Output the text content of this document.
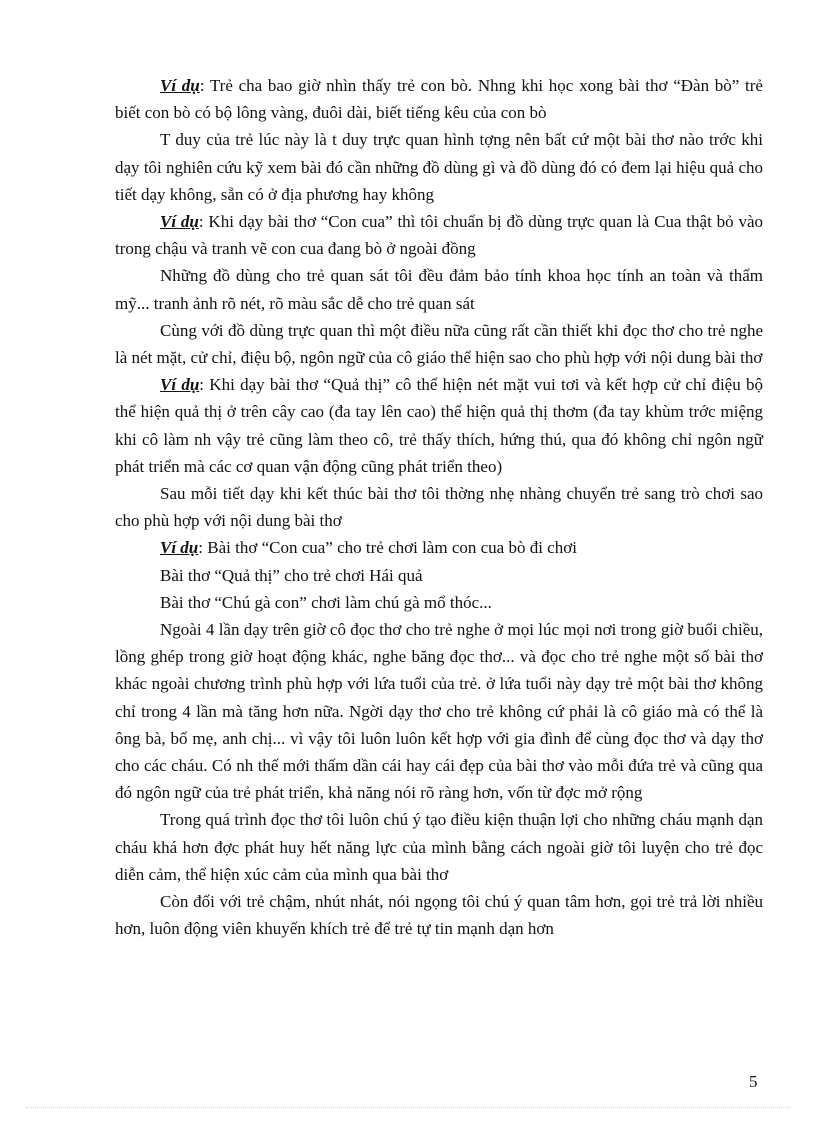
Ví dụ: Trẻ cha bao giờ nhìn thấy trẻ con bò. Nhng khi học xong bài thơ “Đàn bò” trẻ biết con bò có bộ lông vàng, đuôi dài, biết tiếng kêu của con bò

T duy của trẻ lúc này là t duy trực quan hình tợng nên bất cứ một bài thơ nào trớc khi dạy tôi nghiên cứu kỹ xem bài đó cần những đồ dùng gì và đồ dùng đó có đem lại hiệu quả cho tiết dạy không, sẵn có ở địa phương hay không

Ví dụ: Khi dạy bài thơ “Con cua” thì tôi chuẩn bị đồ dùng trực quan là Cua thật bỏ vào trong chậu và tranh vẽ con cua đang bò ở ngoài đồng

Những đồ dùng cho trẻ quan sát tôi đều đảm bảo tính khoa học tính an toàn và thẩm mỹ... tranh ảnh rõ nét, rõ màu sắc dễ cho trẻ quan sát

Cùng với đồ dùng trực quan thì một điều nữa cũng rất cần thiết khi đọc thơ cho trẻ nghe là nét mặt, cử chỉ, điệu bộ, ngôn ngữ của cô giáo thể hiện sao cho phù hợp với nội dung bài thơ

Ví dụ: Khi dạy bài thơ “Quả thị” cô thể hiện nét mặt vui tơi và kết hợp cử chỉ điệu bộ thể hiện quả thị ở trên cây cao (đa tay lên cao) thể hiện quả thị thơm (đa tay khùm trớc miệng khi cô làm nh vậy trẻ cũng làm theo cô, trẻ thấy thích, hứng thú, qua đó không chỉ ngôn ngữ phát triển mà các cơ quan vận động cũng phát triển theo)

Sau mỗi tiết dạy khi kết thúc bài thơ tôi thờng nhẹ nhàng chuyển trẻ sang trò chơi sao cho phù hợp với nội dung bài thơ

Ví dụ: Bài thơ “Con cua” cho trẻ chơi làm con cua bò đi chơi

Bài thơ “Quả thị” cho trẻ chơi Hái quả

Bài thơ “Chú gà con” chơi làm chú gà mổ thóc...

Ngoài 4 lần dạy trên giờ cô đọc thơ cho trẻ nghe ở mọi lúc mọi nơi trong giờ buổi chiều, lồng ghép trong giờ hoạt động khác, nghe băng đọc thơ... và đọc cho trẻ nghe một số bài thơ khác ngoài chương trình phù hợp với lứa tuổi của trẻ. ở lứa tuổi này dạy trẻ một bài thơ không chỉ trong 4 lần mà tăng hơn nữa. Ngời dạy thơ cho trẻ không cứ phải là cô giáo mà có thể là ông bà, bố mẹ, anh chị... vì vậy tôi luôn luôn kết hợp với gia đình để cùng đọc thơ và dạy thơ cho các cháu. Có nh thế mới thấm dần cái hay cái đẹp của bài thơ vào mỗi đứa trẻ và cũng qua đó ngôn ngữ của trẻ phát triển, khả năng nói rõ ràng hơn, vốn từ đợc mở rộng

Trong quá trình đọc thơ tôi luôn chú ý tạo điều kiện thuận lợi cho những cháu mạnh dạn cháu khá hơn đợc phát huy hết năng lực của mình bằng cách ngoài giờ tôi luyện cho trẻ đọc diễn cảm, thể hiện xúc cảm của mình qua bài thơ

Còn đối với trẻ chậm, nhút nhát, nói ngọng tôi chú ý quan tâm hơn, gọi trẻ trả lời nhiều hơn, luôn động viên khuyến khích trẻ để trẻ tự tin mạnh dạn hơn

5
